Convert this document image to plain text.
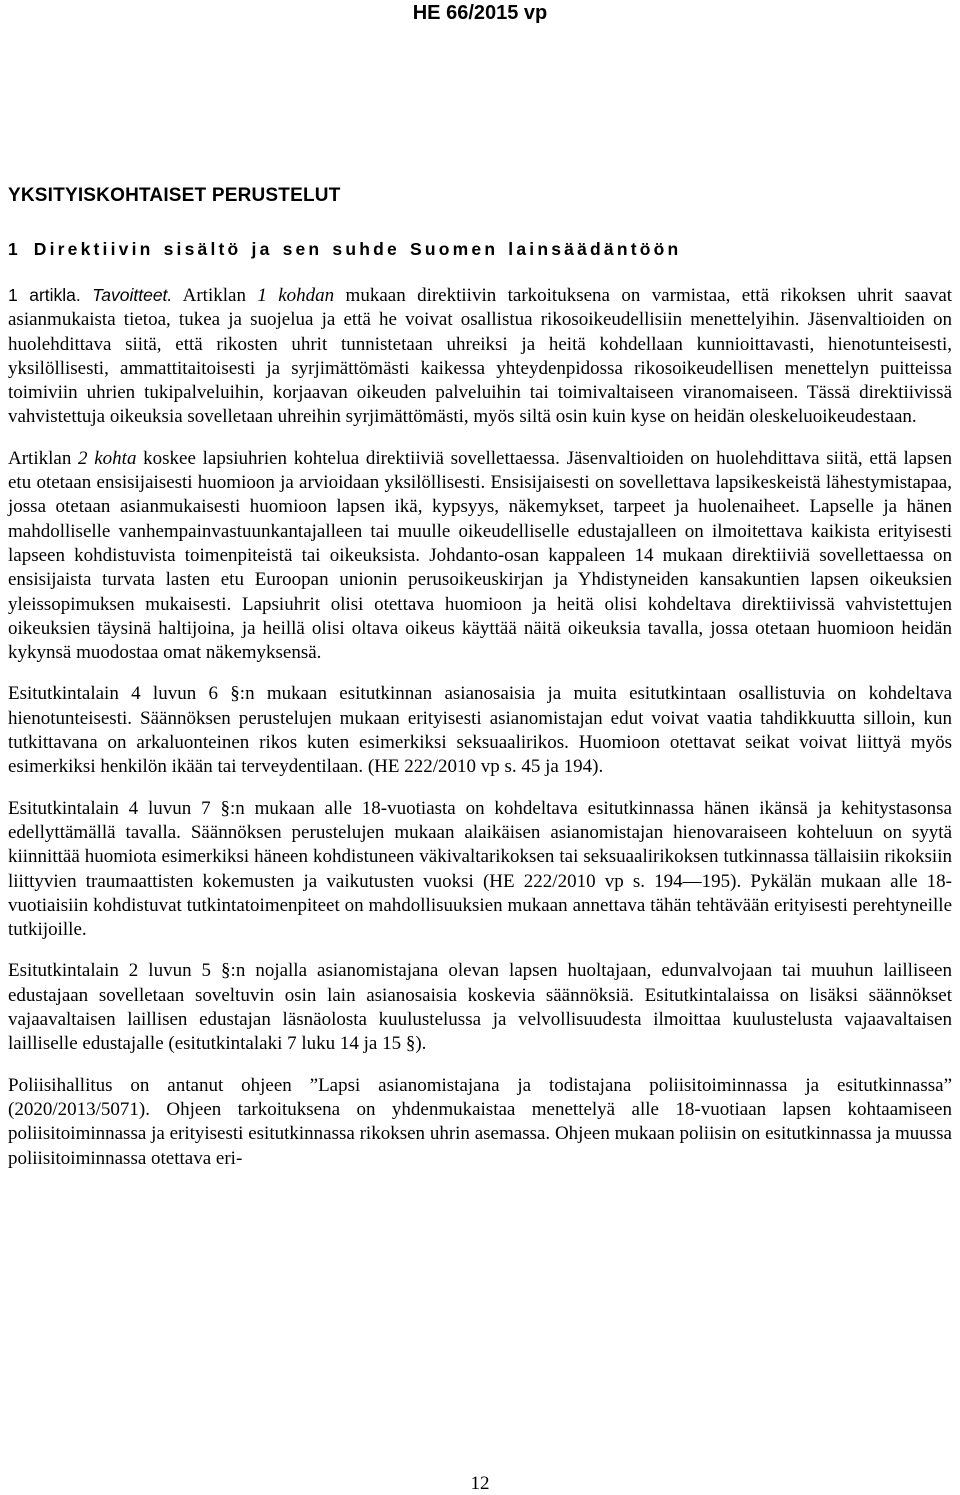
HE 66/2015 vp
YKSITYISKOHTAISET PERUSTELUT
1 Direktiivin sisältö ja sen suhde Suomen lainsäädäntöön

1 artikla. Tavoitteet. Artiklan 1 kohdan mukaan direktiivin tarkoituksena on varmistaa, että rikoksen uhrit saavat asianmukaista tietoa, tukea ja suojelua ja että he voivat osallistua rikosoikeudellisiin menettelyihin. Jäsenvaltioiden on huolehdittava siitä, että rikosten uhrit tunnistetaan uhreiksi ja heitä kohdellaan kunnioittavasti, hienotunteisesti, yksilöllisesti, ammattitaitoisesti ja syrjimättömästi kaikessa yhteydenpidossa rikosoikeudellisen menettelyn puitteissa toimiviin uhrien tukipalveluihin, korjaavan oikeuden palveluihin tai toimivaltaiseen viranomaiseen. Tässä direktiivissä vahvistettuja oikeuksia sovelletaan uhreihin syrjimättömästi, myös siltä osin kuin kyse on heidän oleskeluoikeudestaan.

Artiklan 2 kohta koskee lapsiuhrien kohtelua direktiiviä sovellettaessa. Jäsenvaltioiden on huolehdittava siitä, että lapsen etu otetaan ensisijaisesti huomioon ja arvioidaan yksilöllisesti. Ensisijaisesti on sovellettava lapsikeskeistä lähestymistapaa, jossa otetaan asianmukaisesti huomioon lapsen ikä, kypsyys, näkemykset, tarpeet ja huolenaiheet. Lapselle ja hänen mahdolliselle vanhempainvastuunkantajalleen tai muulle oikeudelliselle edustajalleen on ilmoitettava kaikista erityisesti lapseen kohdistuvista toimenpiteistä tai oikeuksista. Johdanto-osan kappaleen 14 mukaan direktiiviä sovellettaessa on ensisijaista turvata lasten etu Euroopan unionin perusoikeuskirjan ja Yhdistyneiden kansakuntien lapsen oikeuksien yleissopimuksen mukaisesti. Lapsiuhrit olisi otettava huomioon ja heitä olisi kohdeltava direktiivissä vahvistettujen oikeuksien täysinä haltijoina, ja heillä olisi oltava oikeus käyttää näitä oikeuksia tavalla, jossa otetaan huomioon heidän kykynsä muodostaa omat näkemyksensä.

Esitutkintalain 4 luvun 6 §:n mukaan esitutkinnan asianosaisia ja muita esitutkintaan osallistuvia on kohdeltava hienotunteisesti. Säännöksen perustelujen mukaan erityisesti asianomistajan edut voivat vaatia tahdikkuutta silloin, kun tutkittavana on arkaluonteinen rikos kuten esimerkiksi seksuaalirikos. Huomioon otettavat seikat voivat liittyä myös esimerkiksi henkilön ikään tai terveydentilaan. (HE 222/2010 vp s. 45 ja 194).

Esitutkintalain 4 luvun 7 §:n mukaan alle 18-vuotiasta on kohdeltava esitutkinnassa hänen ikänsä ja kehitystasonsa edellyttämällä tavalla. Säännöksen perustelujen mukaan alaikäisen asianomistajan hienovaraiseen kohteluun on syytä kiinnittää huomiota esimerkiksi häneen kohdistuneen väkivaltarikoksen tai seksuaalirikoksen tutkinnassa tällaisiin rikoksiin liittyvien traumaattisten kokemusten ja vaikutusten vuoksi (HE 222/2010 vp s. 194—195). Pykälän mukaan alle 18-vuotiaisiin kohdistuvat tutkintatoimenpiteet on mahdollisuuksien mukaan annettava tähän tehtävään erityisesti perehtyneille tutkijoille.

Esitutkintalain 2 luvun 5 §:n nojalla asianomistajana olevan lapsen huoltajaan, edunvalvojaan tai muuhun lailliseen edustajaan sovelletaan soveltuvin osin lain asianosaisia koskevia säännöksiä. Esitutkintalaissa on lisäksi säännökset vajaavaltaisen laillisen edustajan läsnäolosta kuulustelussa ja velvollisuudesta ilmoittaa kuulustelusta vajaavaltaisen lailliselle edustajalle (esitutkintalaki 7 luku 14 ja 15 §).

Poliisihallitus on antanut ohjeen ”Lapsi asianomistajana ja todistajana poliisitoiminnassa ja esitutkinnassa” (2020/2013/5071). Ohjeen tarkoituksena on yhdenmukaistaa menettelyä alle 18-vuotiaan lapsen kohtaamiseen poliisitoiminnassa ja erityisesti esitutkinnassa rikoksen uhrin asemassa. Ohjeen mukaan poliisin on esitutkinnassa ja muussa poliisitoiminnassa otettava eri-

12
